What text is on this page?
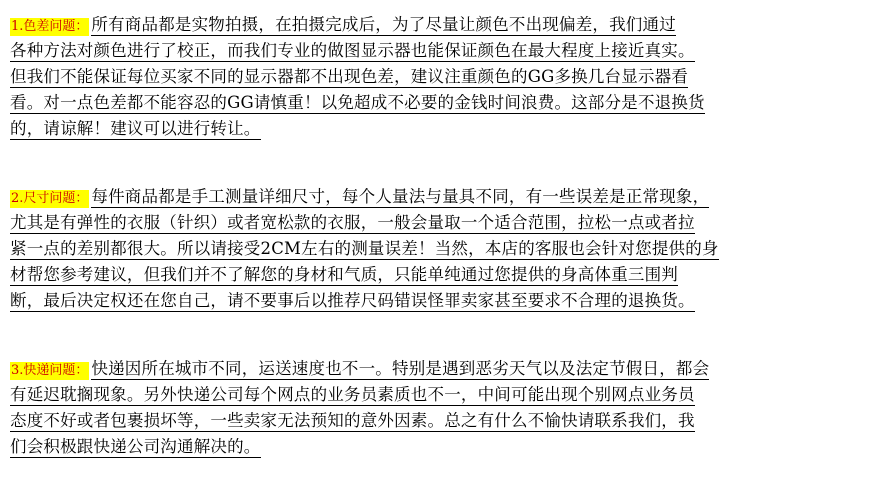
1.色差问题： 所有商品都是实物拍摄，在拍摄完成后，为了尽量让颜色不出现偏差，我们通过
各种方法对颜色进行了校正，而我们专业的做图显示器也能保证颜色在最大程度上接近真实。
但我们不能保证每位买家不同的显示器都不出现色差，建议注重颜色的GG多换几台显示器看
看。对一点色差都不能容忍的GG请慎重！以免超成不必要的金钱时间浪费。这部分是不退换货
的，请谅解！建议可以进行转让。
2.尺寸问题： 每件商品都是手工测量详细尺寸，每个人量法与量具不同，有一些误差是正常现象，
尤其是有弹性的衣服（针织）或者宽松款的衣服，一般会量取一个适合范围，拉松一点或者拉
紧一点的差别都很大。所以请接受2CM左右的测量误差！当然，本店的客服也会针对您提供的身
材帮您参考建议，但我们并不了解您的身材和气质，只能单纯通过您提供的身高体重三围判
断，最后决定权还在您自己，请不要事后以推荐尺码错误怪罪卖家甚至要求不合理的退换货。
3.快递问题： 快递因所在城市不同，运送速度也不一。特别是遇到恶劣天气以及法定节假日，都会
有延迟耽搁现象。另外快递公司每个网点的业务员素质也不一，中间可能出现个别网点业务员
态度不好或者包裹损坏等，一些卖家无法预知的意外因素。总之有什么不愉快请联系我们，我
们会积极跟快递公司沟通解决的。
